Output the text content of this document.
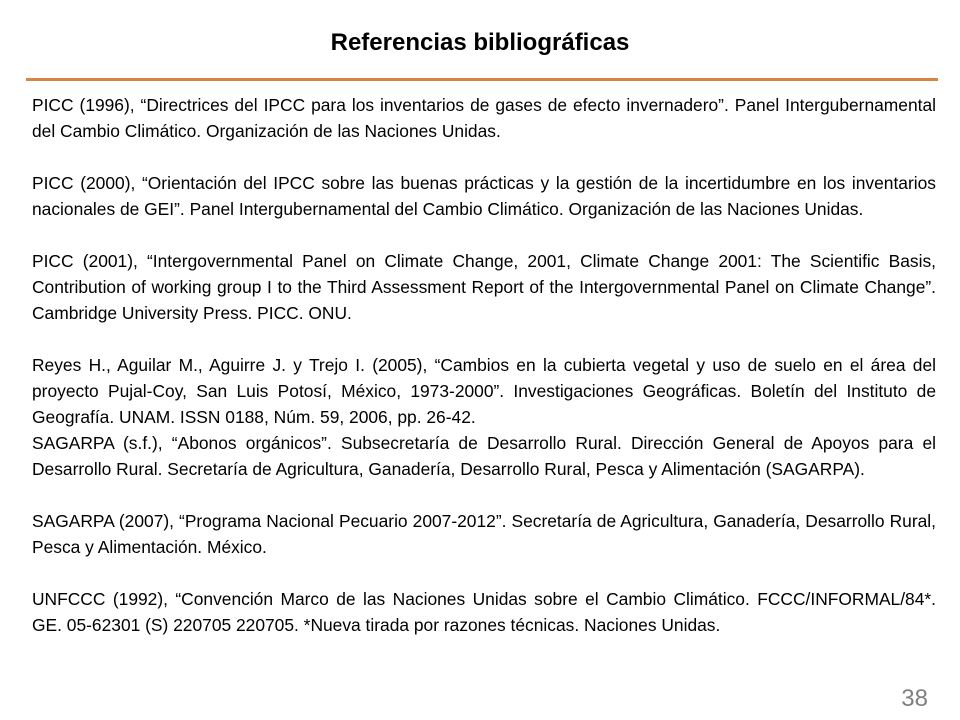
Referencias bibliográficas

PICC (1996), “Directrices del IPCC para los inventarios de gases de efecto invernadero”. Panel Intergubernamental del Cambio Climático. Organización de las Naciones Unidas.

PICC (2000), “Orientación del IPCC sobre las buenas prácticas y la gestión de la incertidumbre en los inventarios nacionales de GEI”. Panel Intergubernamental del Cambio Climático. Organización de las Naciones Unidas.

PICC (2001), “Intergovernmental Panel on Climate Change, 2001, Climate Change 2001: The Scientific Basis, Contribution of working group I to the Third Assessment Report of the Intergovernmental Panel on Climate Change”. Cambridge University Press. PICC. ONU.

Reyes H., Aguilar M., Aguirre J. y Trejo I. (2005), “Cambios en la cubierta vegetal y uso de suelo en el área del proyecto Pujal-Coy, San Luis Potosí, México, 1973-2000”. Investigaciones Geográficas. Boletín del Instituto de Geografía. UNAM. ISSN 0188, Núm. 59, 2006, pp. 26-42.

SAGARPA (s.f.), “Abonos orgánicos”. Subsecretaría de Desarrollo Rural. Dirección General de Apoyos para el Desarrollo Rural. Secretaría de Agricultura, Ganadería, Desarrollo Rural, Pesca y Alimentación (SAGARPA).

SAGARPA (2007), “Programa Nacional Pecuario 2007-2012”. Secretaría de Agricultura, Ganadería, Desarrollo Rural, Pesca y Alimentación. México.

UNFCCC (1992), “Convención Marco de las Naciones Unidas sobre el Cambio Climático. FCCC/INFORMAL/84*. GE. 05-62301 (S) 220705 220705. *Nueva tirada por razones técnicas. Naciones Unidas.

38
